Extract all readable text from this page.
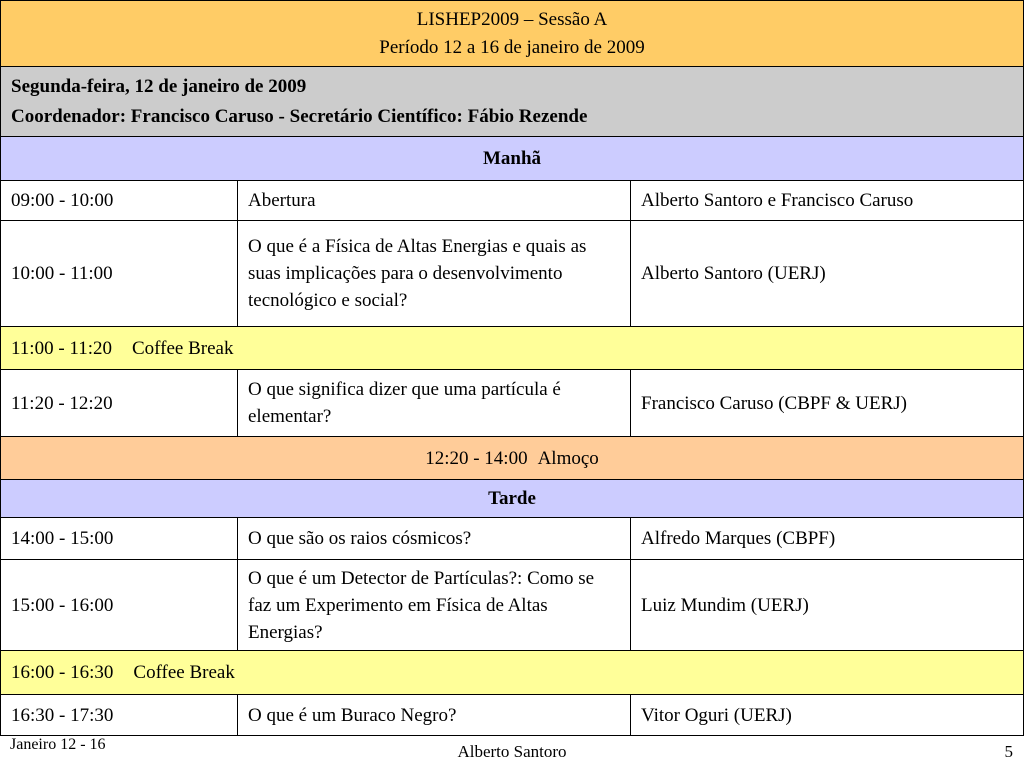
LISHEP2009 – Sessão A
Período 12 a 16 de janeiro de 2009		

Segunda-feira, 12 de janeiro de 2009
Coordenador: Francisco Caruso - Secretário Científico: Fábio Rezende		

Manhã		
09:00 - 10:00	Abertura	Alberto Santoro e Francisco Caruso
10:00 - 11:00	O que é a Física de Altas Energias e quais as suas implicações para o desenvolvimento tecnológico e social?	Alberto Santoro (UERJ)
11:00 - 11:20 Coffee Break		
11:20 - 12:20	O que significa dizer que uma partícula é elementar?	Francisco Caruso (CBPF & UERJ)
12:20 - 14:00 Almoço		
Tarde		
14:00 - 15:00	O que são os raios cósmicos?	Alfredo Marques (CBPF)
15:00 - 16:00	O que é um Detector de Partículas?: Como se faz um Experimento em Física de Altas Energias?	Luiz Mundim (UERJ)
16:00 - 16:30 Coffee Break		
16:30 - 17:30	O que é um Buraco Negro?	Vitor Oguri (UERJ)
Janeiro 12 - 16	Alberto Santoro	5
